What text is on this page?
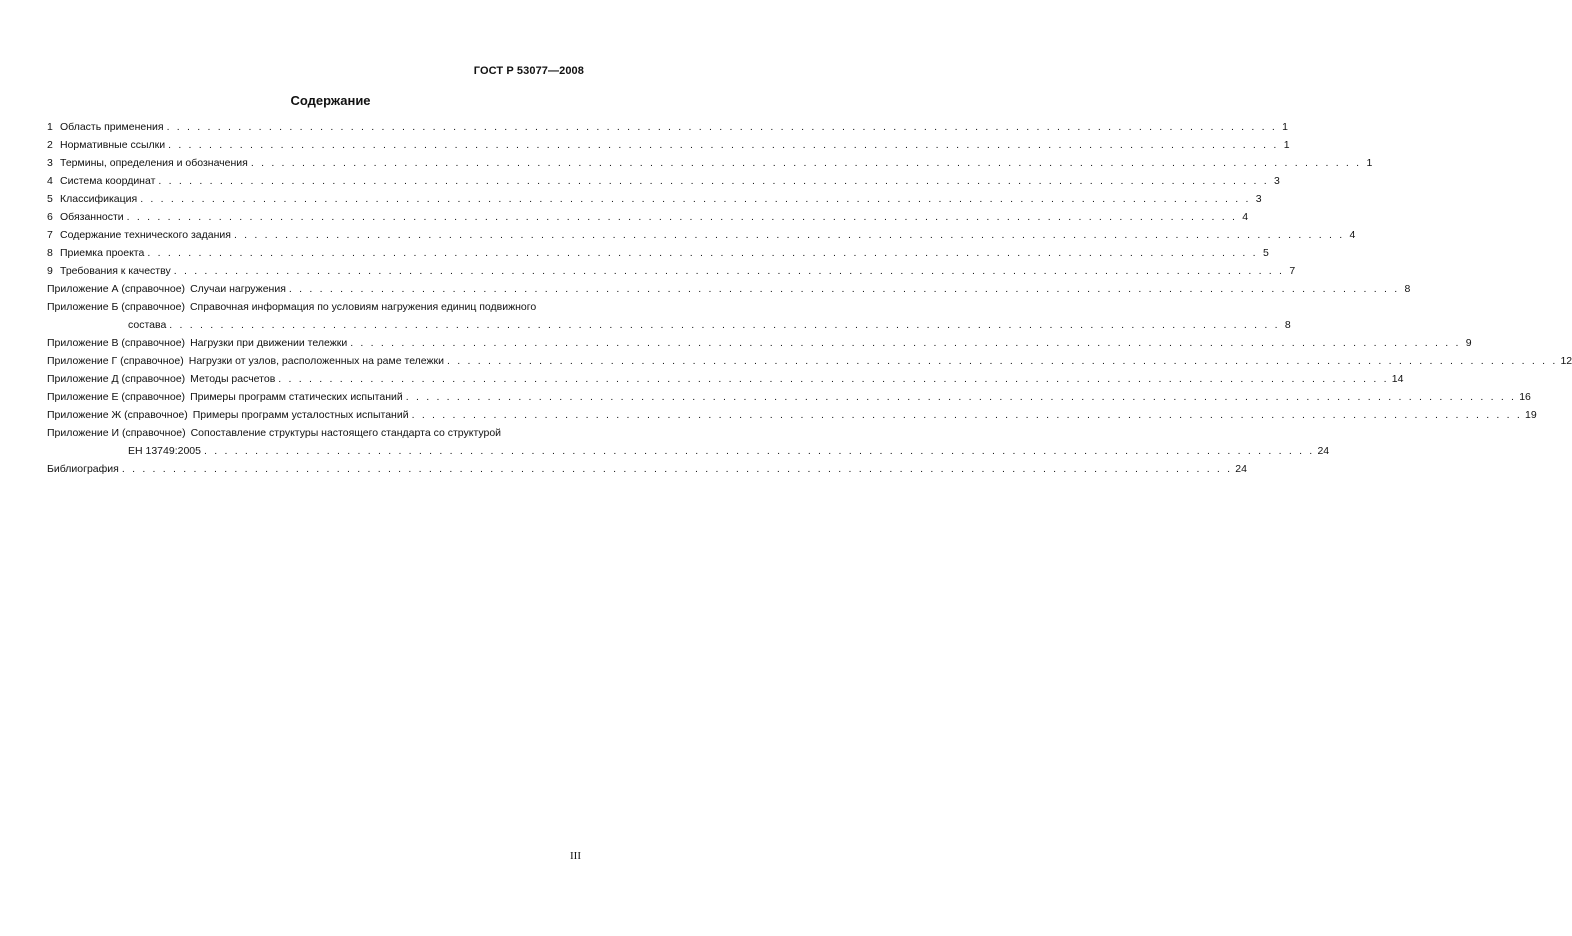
ГОСТ Р 53077—2008
Содержание
1 Область применения . . . . . . . . . . . . . . . . . . . . . . . . . . . . . . . . . . . . . . . . . . . . . . . . . . . . . . . . . . . . . . . . . . . . . . . . . . . . . . . . . . . . . . . . . . . . . . . . . . . . . . . . . . . . . 1
2 Нормативные ссылки . . . . . . . . . . . . . . . . . . . . . . . . . . . . . . . . . . . . . . . . . . . . . . . . . . . . . . . . . . . . . . . . . . . . . . . . . . . . . . . . . . . . . . . . . . . . . . . . . . . . . . . . . . . . . 1
3 Термины, определения и обозначения . . . . . . . . . . . . . . . . . . . . . . . . . . . . . . . . . . . . . . . . . . . . . . . . . . . . . . . . . . . . . . . . . . . . . . . . . . . . . . . . . . . . . . . . . . . . . . . . . . . . . . . . . . . . . 1
4 Система координат . . . . . . . . . . . . . . . . . . . . . . . . . . . . . . . . . . . . . . . . . . . . . . . . . . . . . . . . . . . . . . . . . . . . . . . . . . . . . . . . . . . . . . . . . . . . . . . . . . . . . . . . . . . . . 3
5 Классификация . . . . . . . . . . . . . . . . . . . . . . . . . . . . . . . . . . . . . . . . . . . . . . . . . . . . . . . . . . . . . . . . . . . . . . . . . . . . . . . . . . . . . . . . . . . . . . . . . . . . . . . . . . . . . 3
6 Обязанности . . . . . . . . . . . . . . . . . . . . . . . . . . . . . . . . . . . . . . . . . . . . . . . . . . . . . . . . . . . . . . . . . . . . . . . . . . . . . . . . . . . . . . . . . . . . . . . . . . . . . . . . . . . . . 4
7 Содержание технического задания . . . . . . . . . . . . . . . . . . . . . . . . . . . . . . . . . . . . . . . . . . . . . . . . . . . . . . . . . . . . . . . . . . . . . . . . . . . . . . . . . . . . . . . . . . . . . . . . . . . . . . . . . . . . . 4
8 Приемка проекта . . . . . . . . . . . . . . . . . . . . . . . . . . . . . . . . . . . . . . . . . . . . . . . . . . . . . . . . . . . . . . . . . . . . . . . . . . . . . . . . . . . . . . . . . . . . . . . . . . . . . . . . . . . . . 5
9 Требования к качеству . . . . . . . . . . . . . . . . . . . . . . . . . . . . . . . . . . . . . . . . . . . . . . . . . . . . . . . . . . . . . . . . . . . . . . . . . . . . . . . . . . . . . . . . . . . . . . . . . . . . . . . . . . . . . 7
Приложение А (справочное) Случаи нагружения . . . . . . . . . . . . . . . . . . . . . . . . . . . . . . . . . . . . . . . . . . . . . . . . . . . . . . . . . . . . . . . . . . . . . . . . . . . . . . . . . . . . . . . . . . . . . . . . . . . . . . . . . . . . . 8
Приложение Б (справочное) Справочная информация по условиям нагружения единиц подвижного
состава . . . . . . . . . . . . . . . . . . . . . . . . . . . . . . . . . . . . . . . . . . . . . . . . . . . . . . . . . . . . . . . . . . . . . . . . . . . . . . . . . . . . . . . . . . . . . . . . . . . . . . . . . . . . . 8
Приложение В (справочное) Нагрузки при движении тележки . . . . . . . . . . . . . . . . . . . . . . . . . . . . . . . . . . . . . . . . . . . . . . . . . . . . . . . . . . . . . . . . . . . . . . . . . . . . . . . . . . . . . . . . . . . . . . . . . . . . . . . . . . . . . 9
Приложение Г (справочное) Нагрузки от узлов, расположенных на раме тележки . . . . . . . . . . . . . . . . . . . . . . . . . . . . . . . . . . . . . . . . . . . . . . . . . . . . . . . . . . . . . . . . . . . . . . . . . . . . . . . . . . . . . . . . . . . . . . . . . . . . . . . . . . . . . 12
Приложение Д (справочное) Методы расчетов . . . . . . . . . . . . . . . . . . . . . . . . . . . . . . . . . . . . . . . . . . . . . . . . . . . . . . . . . . . . . . . . . . . . . . . . . . . . . . . . . . . . . . . . . . . . . . . . . . . . . . . . . . . . . 14
Приложение Е (справочное) Примеры программ статических испытаний . . . . . . . . . . . . . . . . . . . . . . . . . . . . . . . . . . . . . . . . . . . . . . . . . . . . . . . . . . . . . . . . . . . . . . . . . . . . . . . . . . . . . . . . . . . . . . . . . . . . . . . . . . . . . 16
Приложение Ж (справочное) Примеры программ усталостных испытаний . . . . . . . . . . . . . . . . . . . . . . . . . . . . . . . . . . . . . . . . . . . . . . . . . . . . . . . . . . . . . . . . . . . . . . . . . . . . . . . . . . . . . . . . . . . . . . . . . . . . . . . . . . . . . 19
Приложение И (справочное) Сопоставление структуры настоящего стандарта со структурой
ЕН 13749:2005 . . . . . . . . . . . . . . . . . . . . . . . . . . . . . . . . . . . . . . . . . . . . . . . . . . . . . . . . . . . . . . . . . . . . . . . . . . . . . . . . . . . . . . . . . . . . . . . . . . . . . . . . . . . . . 24
Библиография . . . . . . . . . . . . . . . . . . . . . . . . . . . . . . . . . . . . . . . . . . . . . . . . . . . . . . . . . . . . . . . . . . . . . . . . . . . . . . . . . . . . . . . . . . . . . . . . . . . . . . . . . . . . . 24
III
